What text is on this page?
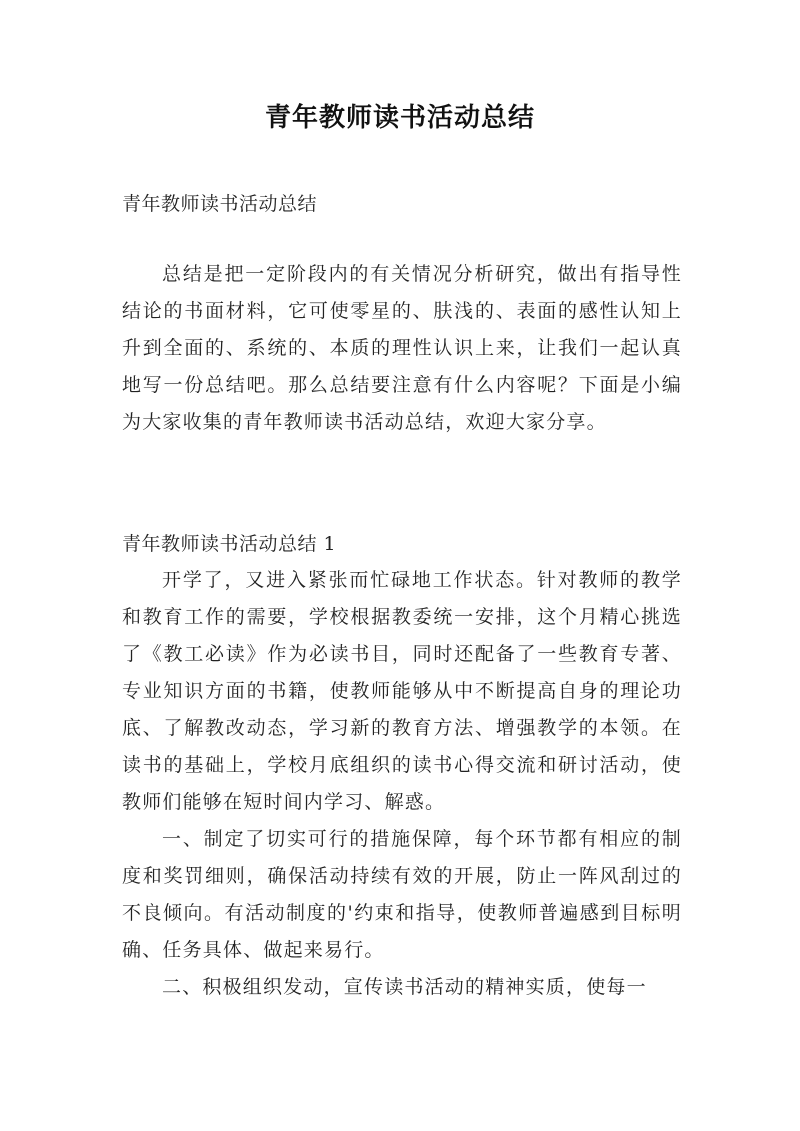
青年教师读书活动总结
青年教师读书活动总结
总结是把一定阶段内的有关情况分析研究，做出有指导性结论的书面材料，它可使零星的、肤浅的、表面的感性认知上升到全面的、系统的、本质的理性认识上来，让我们一起认真地写一份总结吧。那么总结要注意有什么内容呢？下面是小编为大家收集的青年教师读书活动总结，欢迎大家分享。
青年教师读书活动总结 1

开学了，又进入紧张而忙碌地工作状态。针对教师的教学和教育工作的需要，学校根据教委统一安排，这个月精心挑选了《教工必读》作为必读书目，同时还配备了一些教育专著、专业知识方面的书籍，使教师能够从中不断提高自身的理论功底、了解教改动态，学习新的教育方法、增强教学的本领。在读书的基础上，学校月底组织的读书心得交流和研讨活动，使教师们能够在短时间内学习、解惑。

一、制定了切实可行的措施保障，每个环节都有相应的制度和奖罚细则，确保活动持续有效的开展，防止一阵风刮过的不良倾向。有活动制度的'约束和指导，使教师普遍感到目标明确、任务具体、做起来易行。

二、积极组织发动，宣传读书活动的精神实质，使每一
